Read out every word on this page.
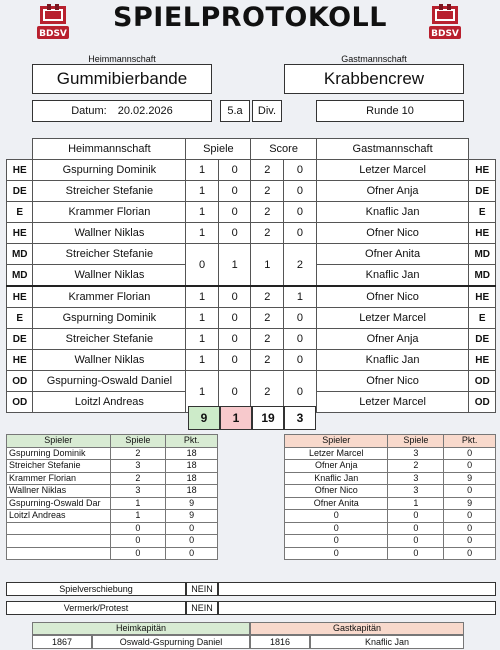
BDSV
SPIELPROTOKOLL
BDSV
Heimmannschaft
Gummibierbande
Gastmannschaft
Krabbencrew
Datum: 20.02.2026	5.a	Div.	Runde 10
	Heimmannschaft	Spiele		Score		Gastmannschaft	
HE	Gspurning Dominik	1	0	2	0	Letzer Marcel	HE
DE	Streicher Stefanie	1	0	2	0	Ofner Anja	DE
E	Krammer Florian	1	0	2	0	Knaflic Jan	E
HE	Wallner Niklas	1	0	2	0	Ofner Nico	HE
MD	Streicher Stefanie	0	1	1	2	Ofner Anita	MD
MD	Wallner Niklas					Knaflic Jan	MD
HE	Krammer Florian	1	0	2	1	Ofner Nico	HE
E	Gspurning Dominik	1	0	2	0	Letzer Marcel	E
DE	Streicher Stefanie	1	0	2	0	Ofner Anja	DE
HE	Wallner Niklas	1	0	2	0	Knaflic Jan	HE
OD	Gspurning-Oswald Daniel	1	0	2	0	Ofner Nico	OD
OD	Loitzl Andreas					Letzer Marcel	OD
9	1	19	3
Spieler	Spiele	Pkt.
Gspurning Dominik	2	18
Streicher Stefanie	3	18
Krammer Florian	2	18
Wallner Niklas	3	18
Gspurning-Oswald Dar	1	9
Loitzl Andreas	1	9
	0	0
	0	0
	0	0
Spieler	Spiele	Pkt.
Letzer Marcel	3	0
Ofner Anja	2	0
Knaflic Jan	3	9
Ofner Nico	3	0
Ofner Anita	1	9
0	0	0
0	0	0
0	0	0
0	0	0
Spielverschiebung	NEIN
Vermerk/Protest	NEIN
Heimkapitän	Gastkapitän
1867	Oswald-Gspurning Daniel	1816	Knaflic Jan
